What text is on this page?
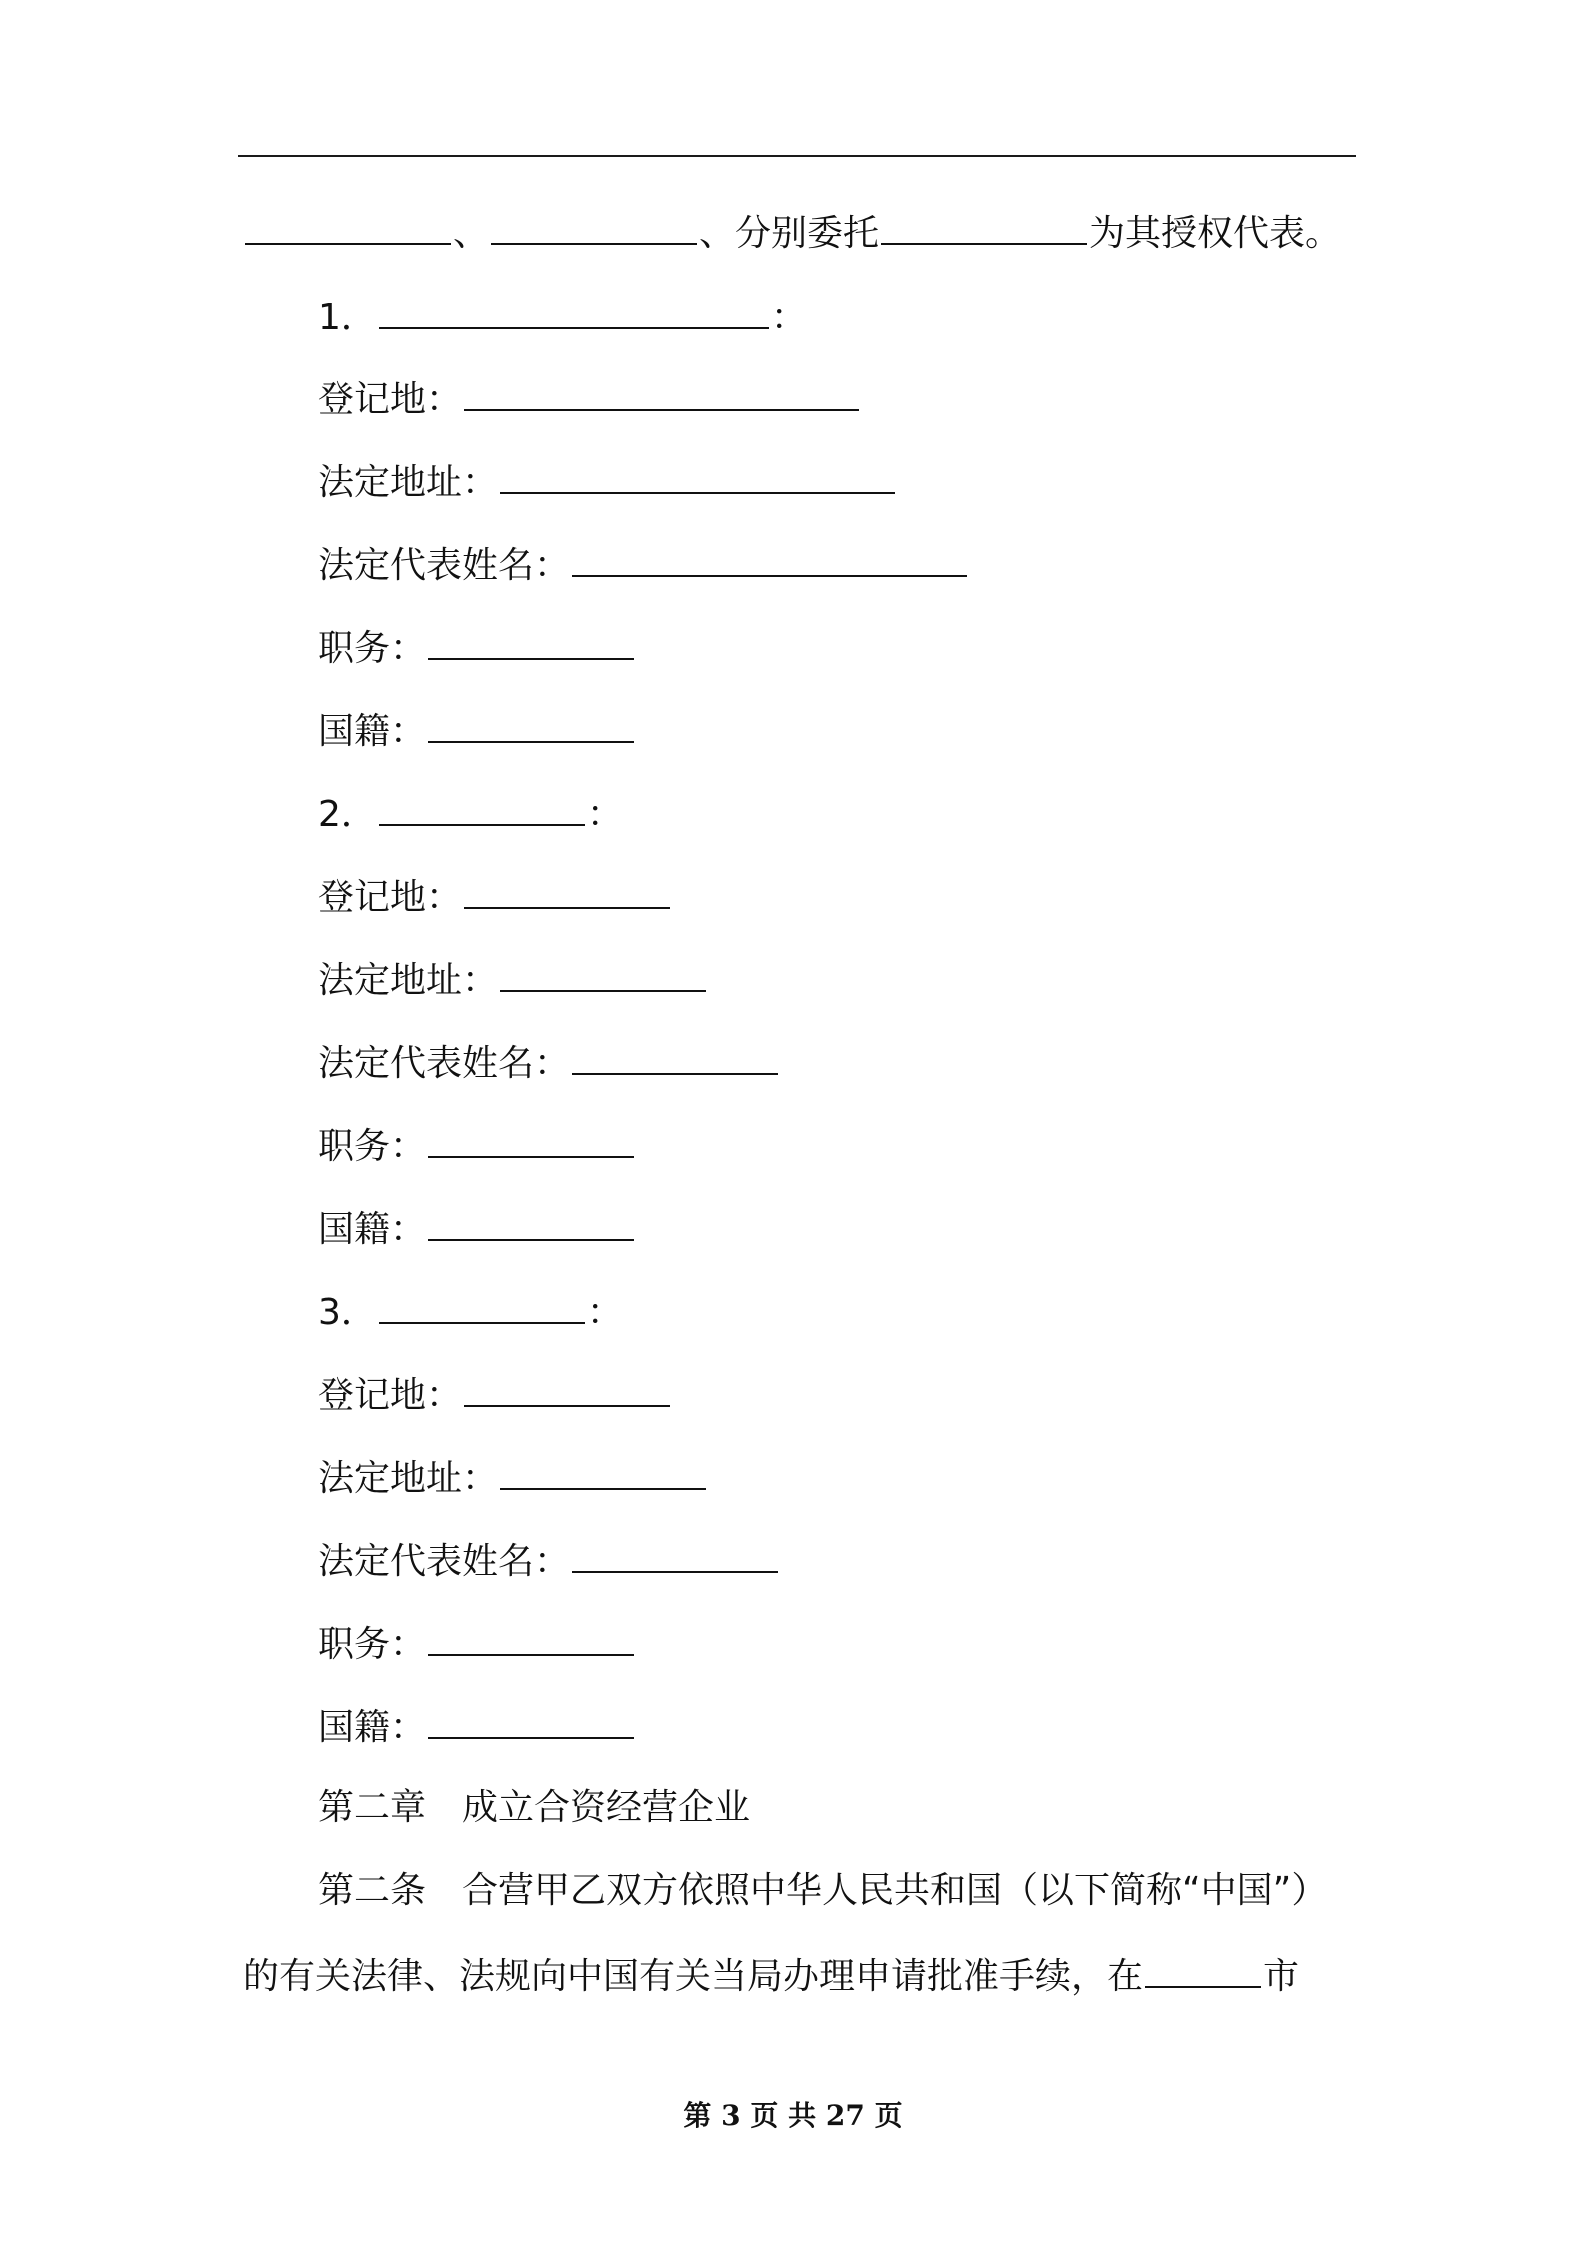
、	、分别委托	为其授权代表。
1．	：
登记地：
法定地址：
法定代表姓名：
职务：
国籍：
2．	：
登记地：
法定地址：
法定代表姓名：
职务：
国籍：
3．	：
登记地：
法定地址：
法定代表姓名：
职务：
国籍：
第二章 成立合资经营企业
第二条 合营甲乙双方依照中华人民共和国（以下简称“中国”）
的有关法律、法规向中国有关当局办理申请批准手续，在	市
第 3 页 共 27 页
